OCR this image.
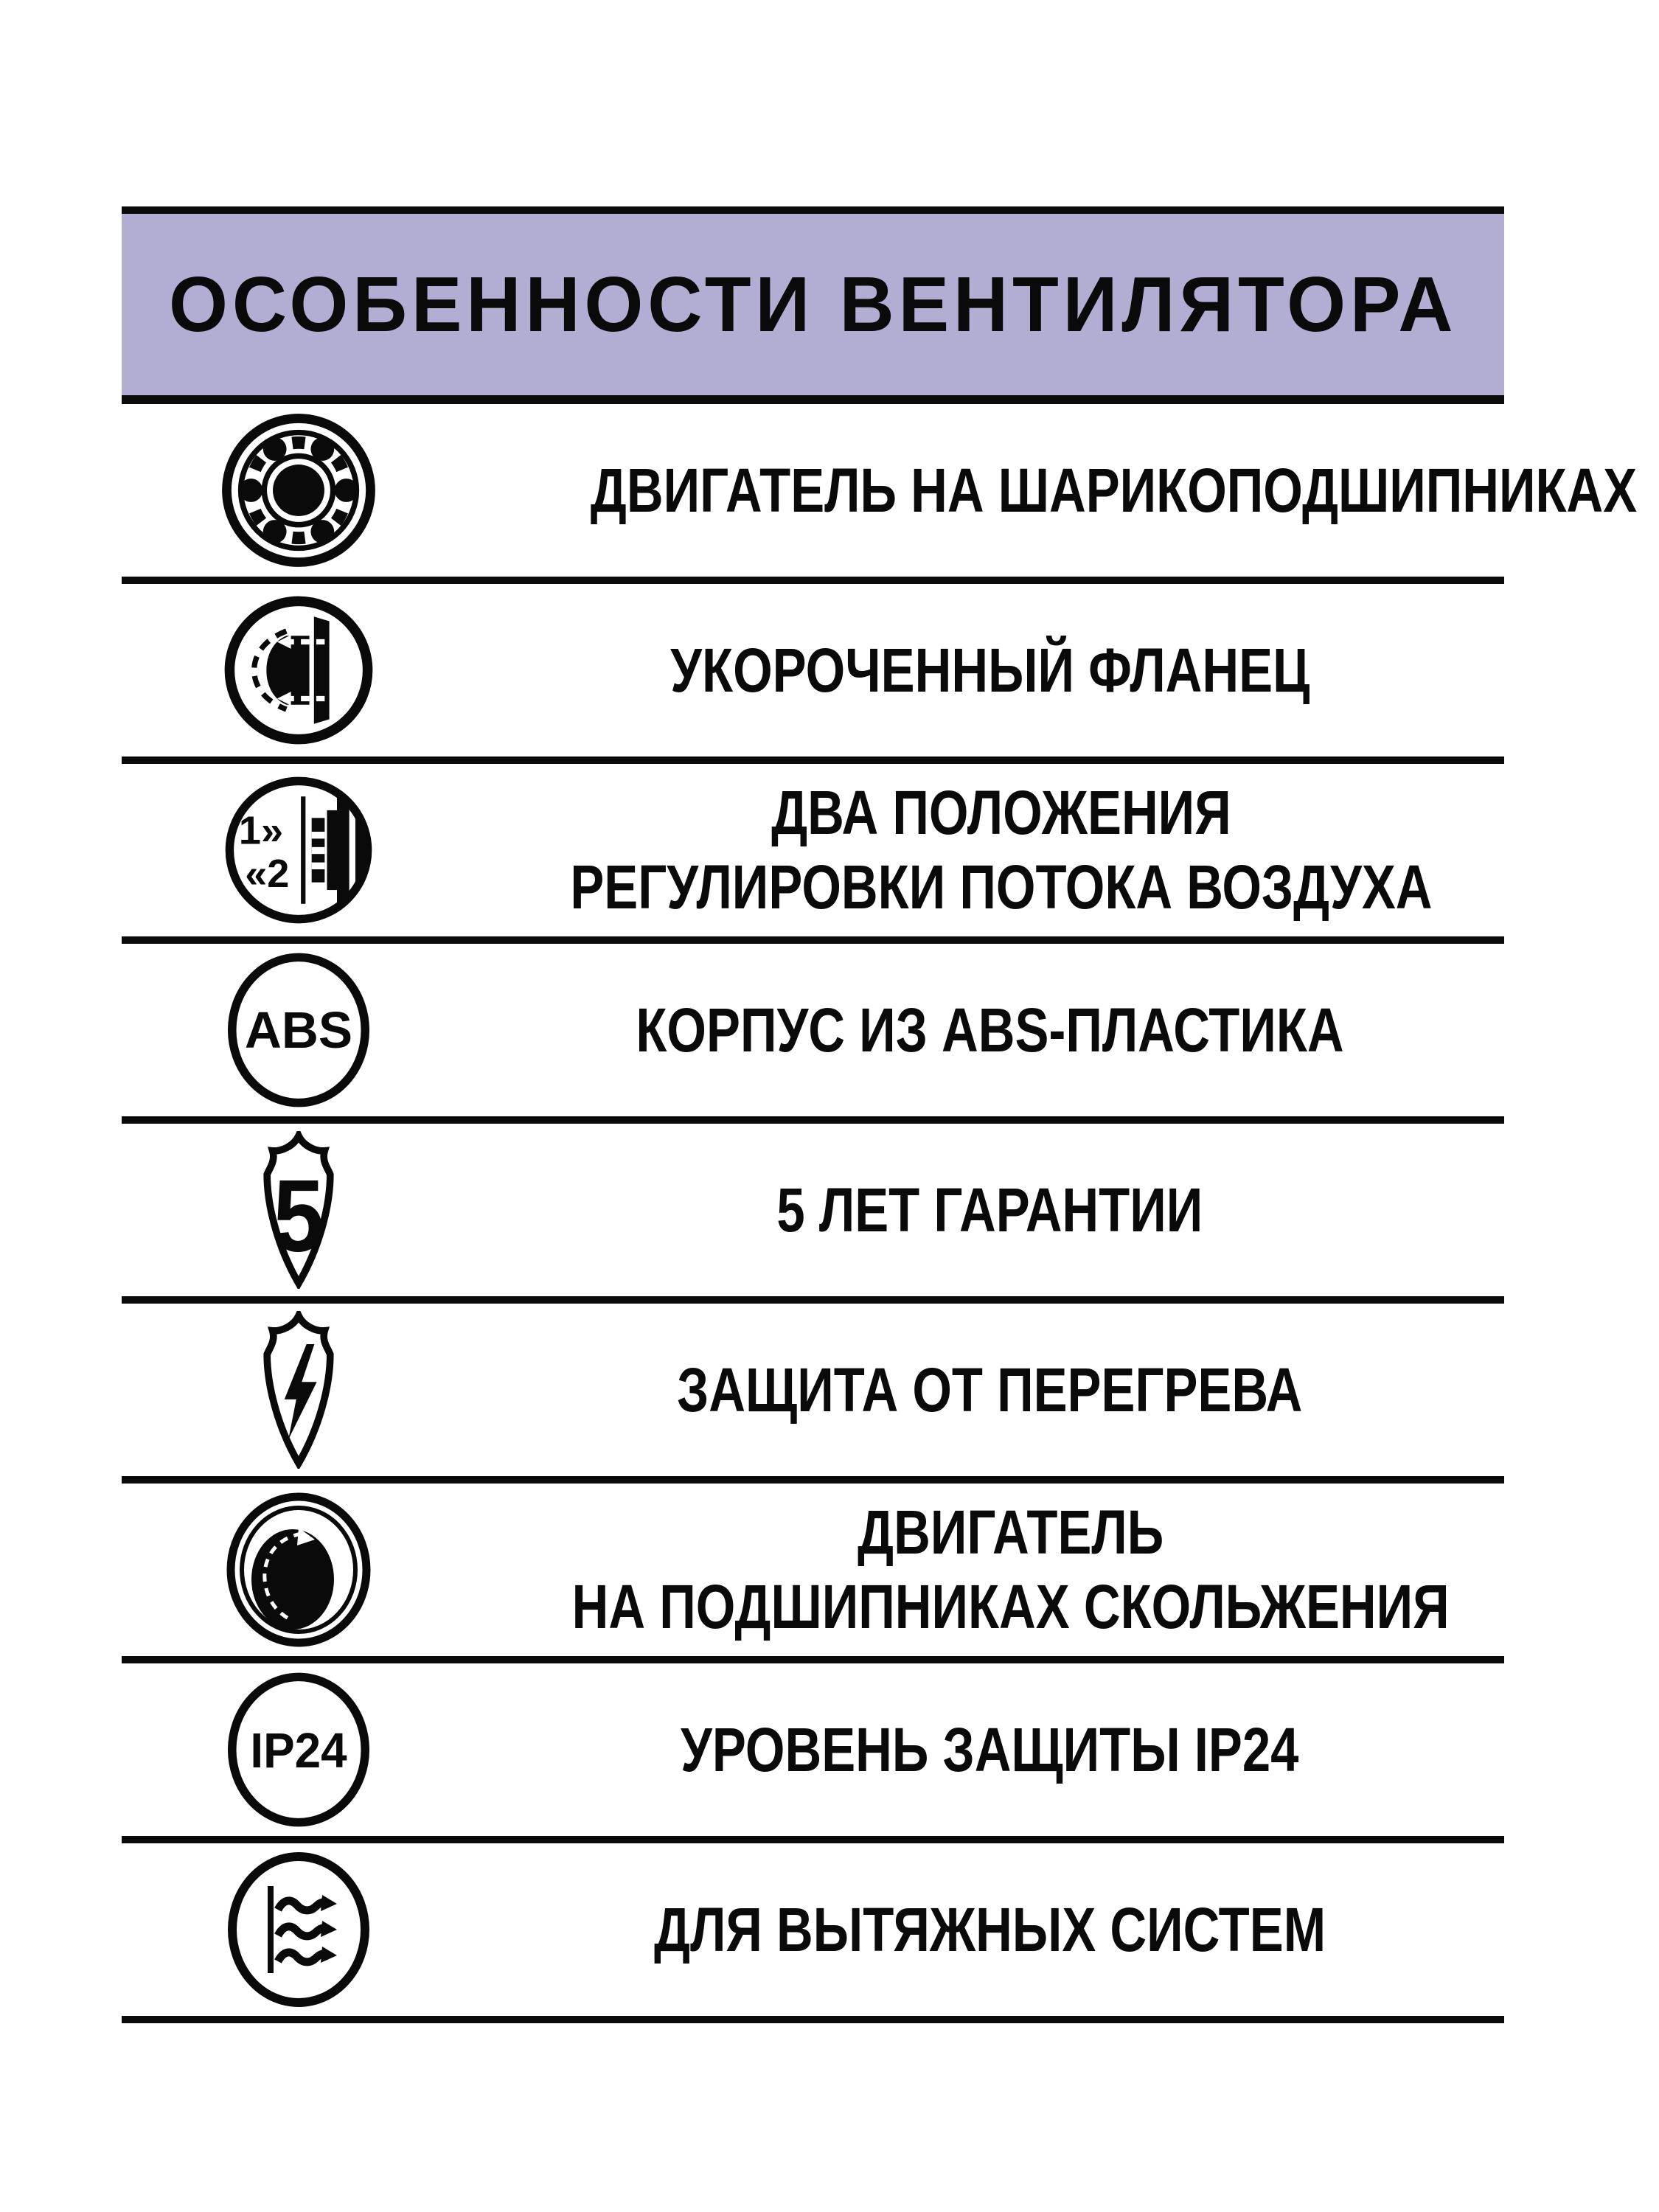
ОСОБЕННОСТИ ВЕНТИЛЯТОРА
ДВИГАТЕЛЬ НА ШАРИКОПОДШИПНИКАХ
УКОРОЧЕННЫЙ ФЛАНЕЦ
1»
«2
ДВА ПОЛОЖЕНИЯ
РЕГУЛИРОВКИ ПОТОКА ВОЗДУХА
ABS	КОРПУС ИЗ ABS-ПЛАСТИКА
5	5 ЛЕТ ГАРАНТИИ
ЗАЩИТА ОТ ПЕРЕГРЕВА
ДВИГАТЕЛЬ
НА ПОДШИПНИКАХ СКОЛЬЖЕНИЯ
IP24	УРОВЕНЬ ЗАЩИТЫ IP24
ДЛЯ ВЫТЯЖНЫХ СИСТЕМ
